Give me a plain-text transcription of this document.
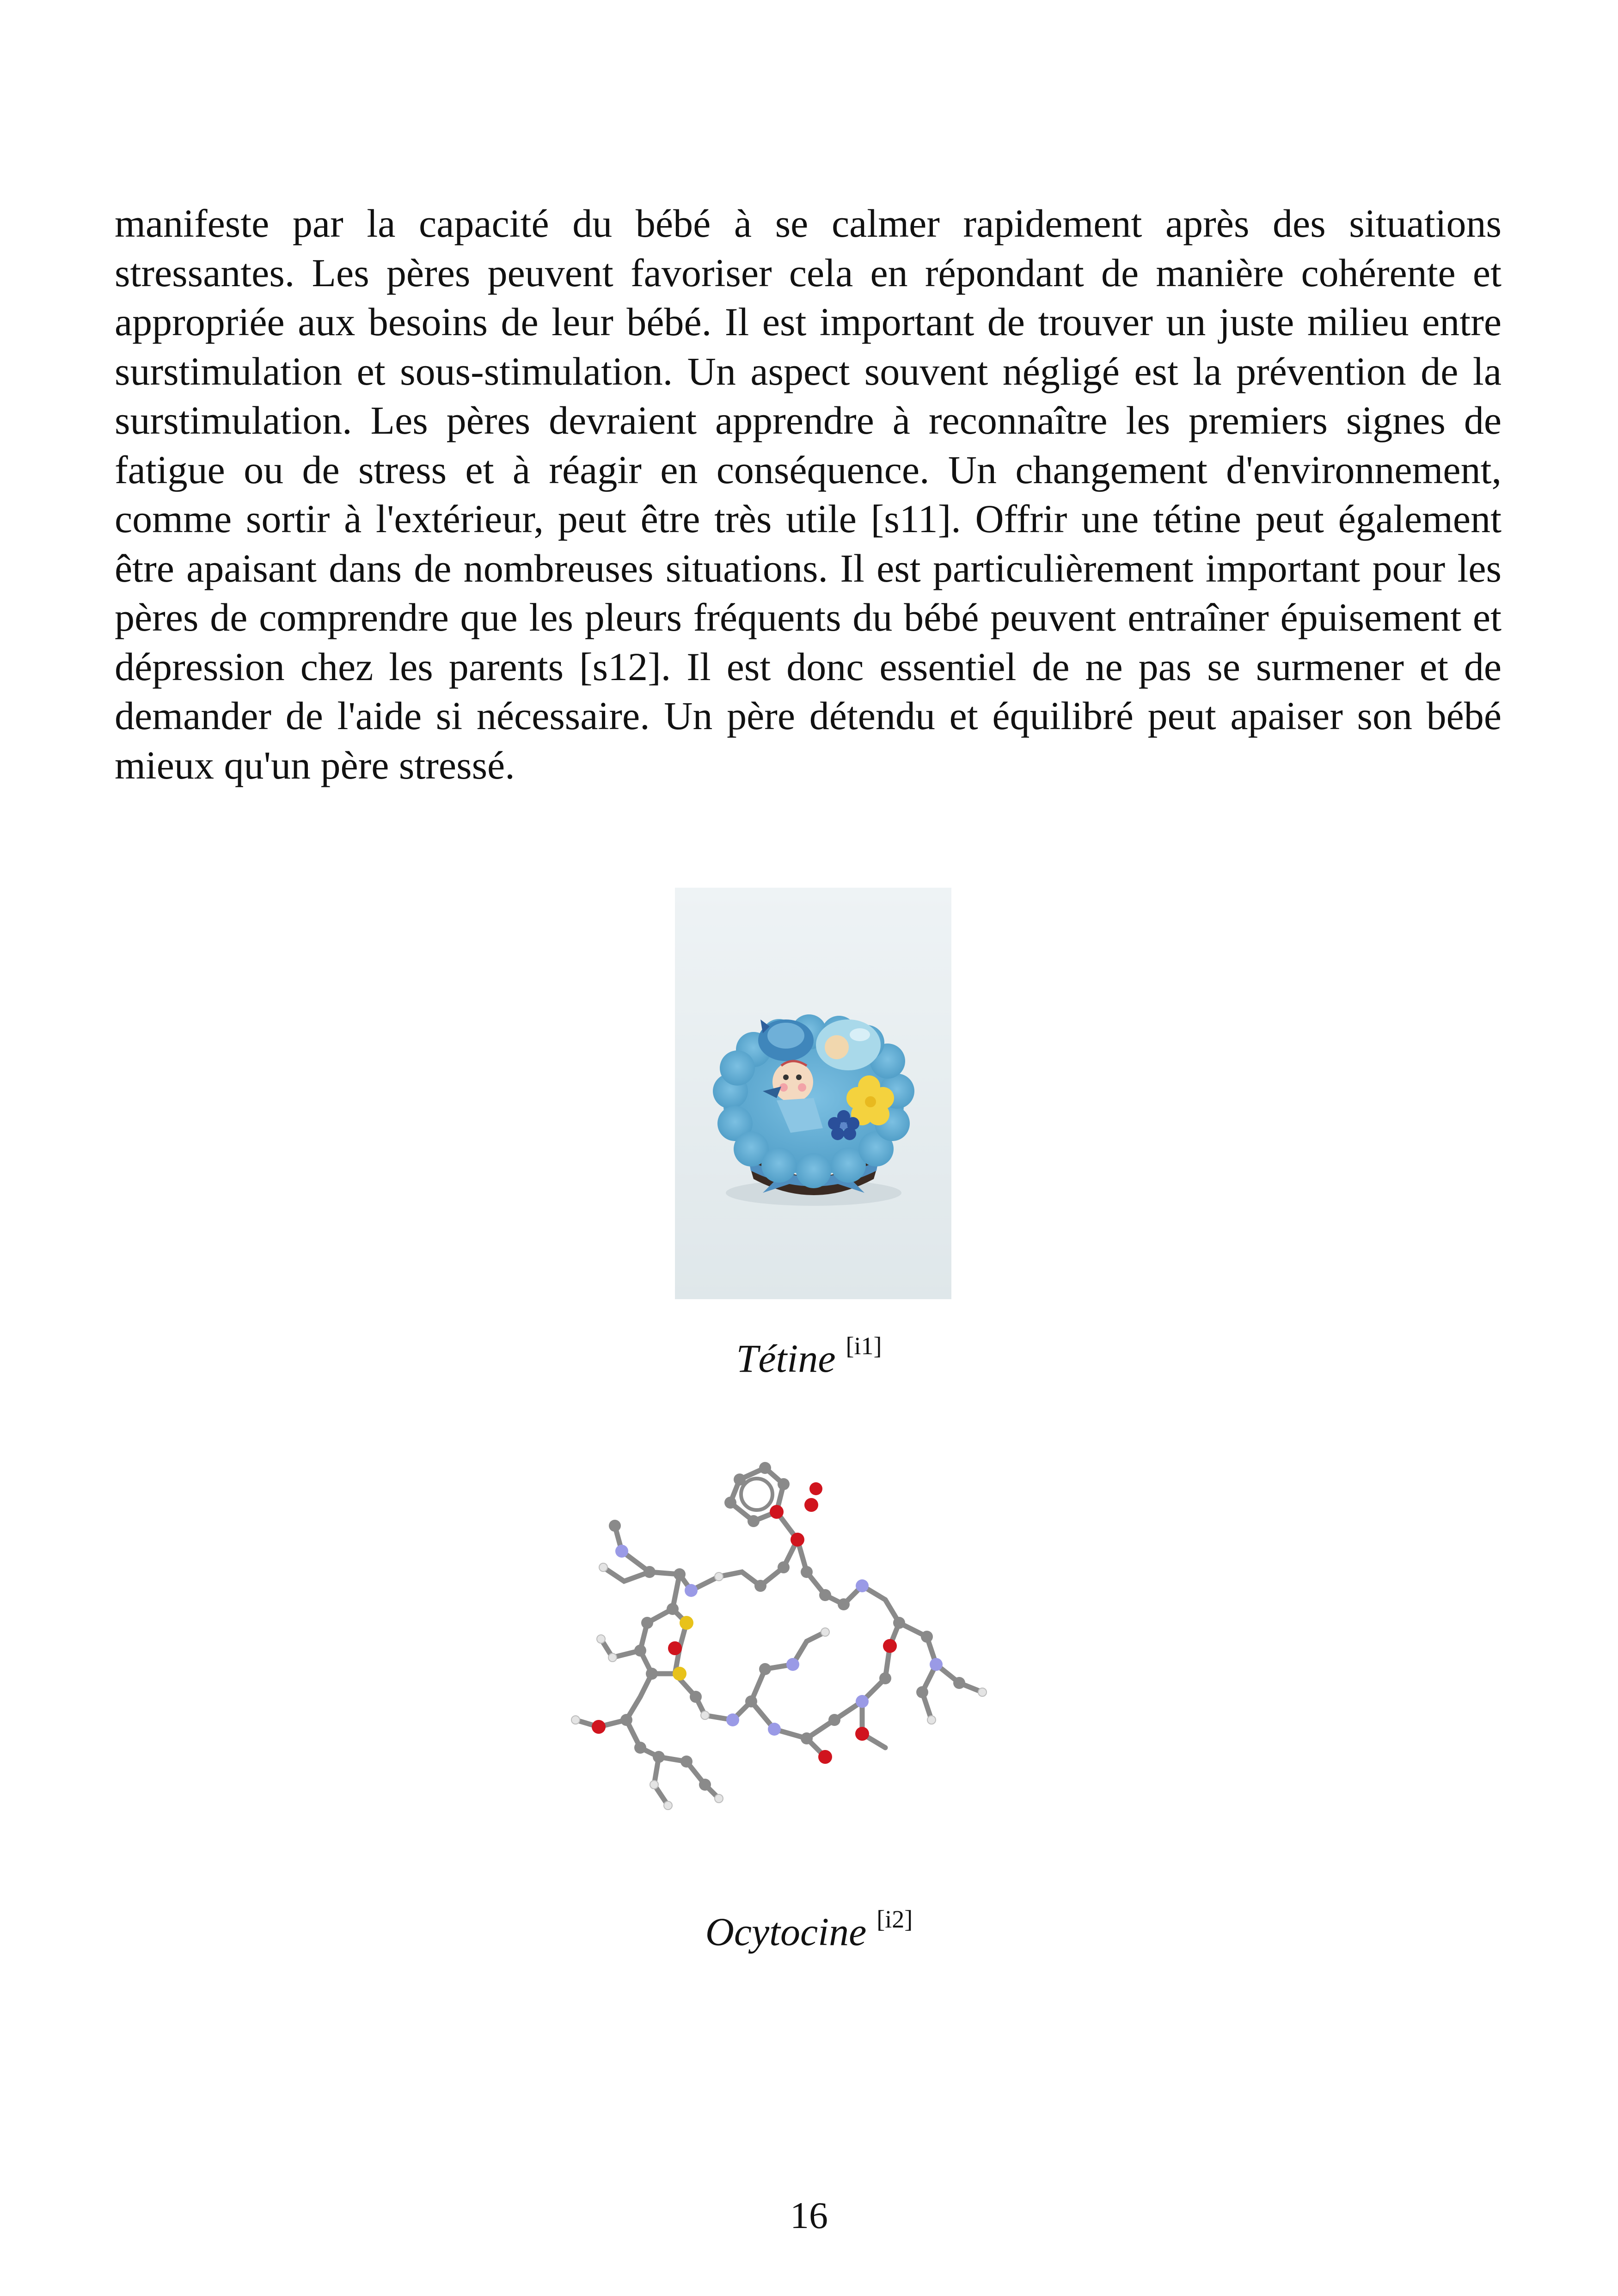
manifeste par la capacité du bébé à se calmer rapidement après des situations stressantes. Les pères peuvent favoriser cela en répondant de manière cohérente et appropriée aux besoins de leur bébé. Il est important de trouver un juste milieu entre surstimulation et sous-stimulation. Un aspect souvent négligé est la prévention de la surstimulation. Les pères devraient apprendre à reconnaître les premiers signes de fatigue ou de stress et à réagir en conséquence. Un changement d'environnement, comme sortir à l'extérieur, peut être très utile [s11]. Offrir une tétine peut également être apaisant dans de nombreuses situations. Il est particulièrement important pour les pères de comprendre que les pleurs fréquents du bébé peuvent entraîner épuisement et dépression chez les parents [s12]. Il est donc essentiel de ne pas se surmener et de demander de l'aide si nécessaire. Un père détendu et équilibré peut apaiser son bébé mieux qu'un père stressé.

Tétine [i1]
Ocytocine [i2]
16
